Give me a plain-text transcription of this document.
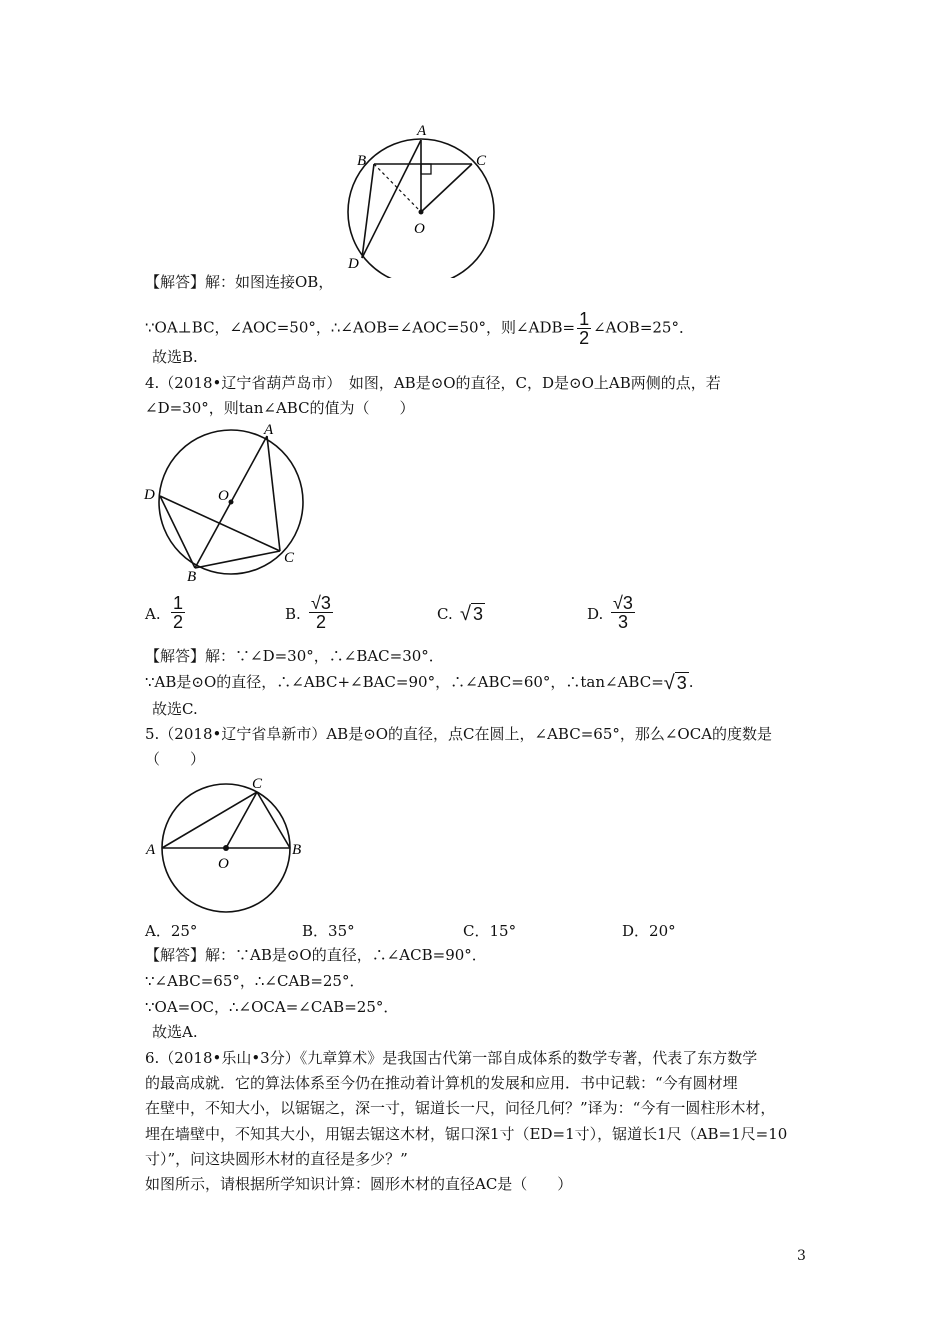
A
B	C
D
O
【解答】解：如图连接OB，
∵OA⊥BC，∠AOC=50°，∴∠AOB=∠AOC=50°，则∠ADB= $\frac{1}{2}$ ∠AOB=25°．
故选B.
4.（2018•辽宁省葫芦岛市）　如图，AB是⊙O的直径，C，D是⊙O上AB两侧的点，若
∠D=30°，则tan∠ABC的值为（　　）
A
D	O
C
B
A. $\frac{1}{2}$	B. $\frac{√3}{2}$	C. √ 3	D. $\frac{√3}{3}$
【解答】解：∵∠D=30°，∴∠BAC=30°．
∵AB是⊙O的直径，∴∠ABC+∠BAC=90°，∴∠ABC=60°，∴tan∠ABC=√ 3 .
故选C.
5.（2018•辽宁省阜新市）AB是⊙O的直径，点C在圆上，∠ABC=65°，那么∠OCA的度数是
（　　）
C
A
O
B
A．25°	B．35°	C．15°	D．20°
【解答】解：∵AB是⊙O的直径，∴∠ACB=90°．
∵∠ABC=65°，∴∠CAB=25°．
∵OA=OC，∴∠OCA=∠CAB=25°．
故选A.
6.（2018•乐山•3分）《九章算术》是我国古代第一部自成体系的数学专著，代表了东方数学
的最高成就．它的算法体系至今仍在推动着计算机的发展和应用．书中记载：“今有圆材埋
在壁中，不知大小，以锯锯之，深一寸，锯道长一尺，问径几何？”译为：“今有一圆柱形木材，
埋在墙壁中，不知其大小，用锯去锯这木材，锯口深1寸（ED=1寸），锯道长1尺（AB=1尺=10
寸）”，问这块圆形木材的直径是多少？”
如图所示，请根据所学知识计算：圆形木材的直径AC是（　　）
3
